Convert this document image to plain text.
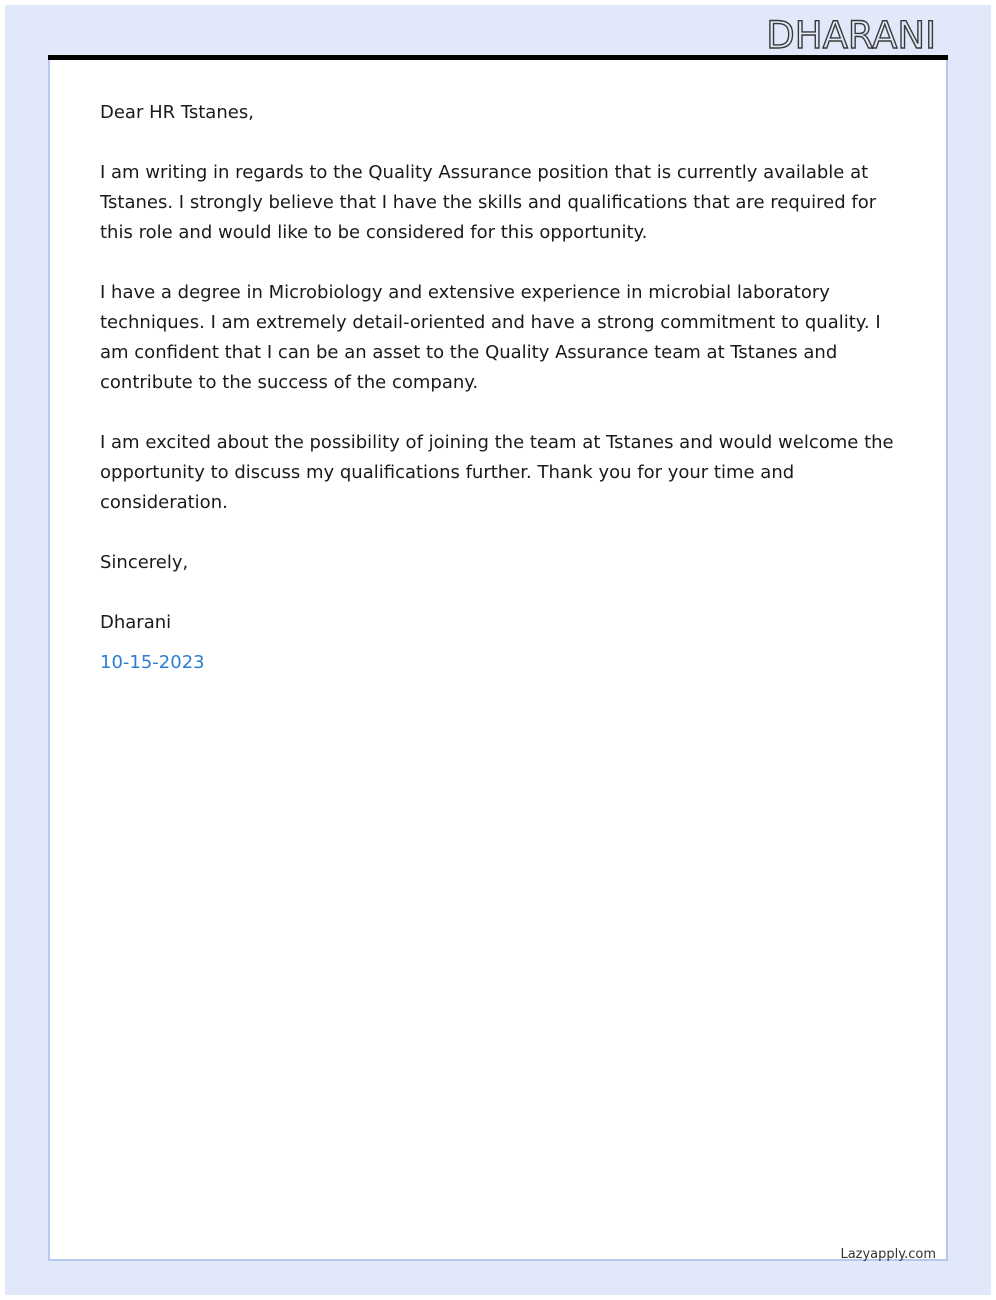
DHARANI

Dear HR Tstanes,

I am writing in regards to the Quality Assurance position that is currently available at Tstanes. I strongly believe that I have the skills and qualifications that are required for this role and would like to be considered for this opportunity.

I have a degree in Microbiology and extensive experience in microbial laboratory techniques. I am extremely detail-oriented and have a strong commitment to quality. I am confident that I can be an asset to the Quality Assurance team at Tstanes and contribute to the success of the company.

I am excited about the possibility of joining the team at Tstanes and would welcome the opportunity to discuss my qualifications further. Thank you for your time and consideration.

Sincerely,

Dharani

10-15-2023

Lazyapply.com
